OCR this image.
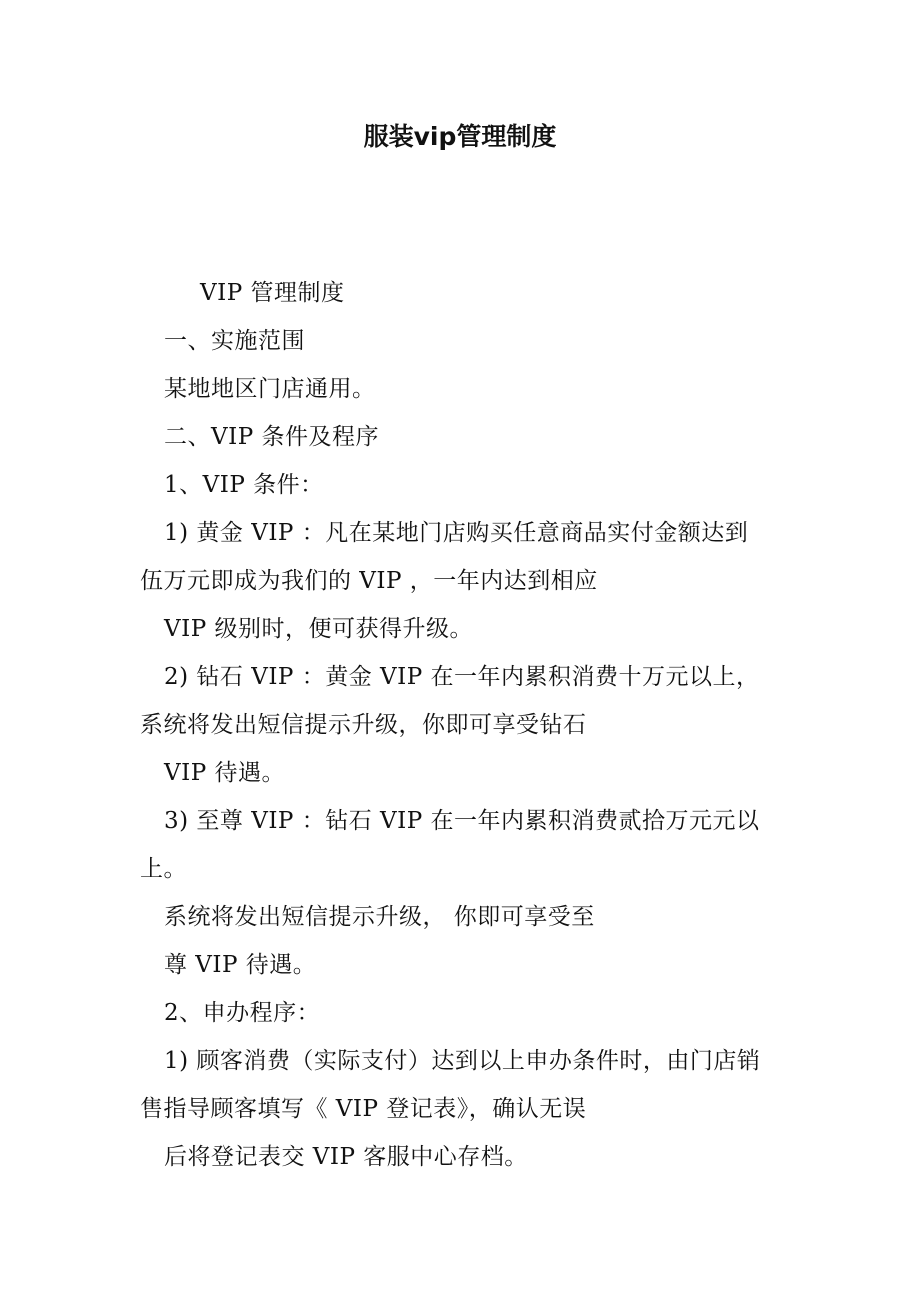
服装vip管理制度
VIP 管理制度
一、实施范围
某地地区门店通用。
二、VIP 条件及程序
1、VIP 条件：
1) 黄金 VIP ：凡在某地门店购买任意商品实付金额达到
伍万元即成为我们的 VIP ，一年内达到相应
VIP 级别时，便可获得升级。
2) 钻石 VIP ：黄金 VIP 在一年内累积消费十万元以上，
系统将发出短信提示升级，你即可享受钻石
VIP 待遇。
3) 至尊 VIP ：钻石 VIP 在一年内累积消费贰拾万元元以
上。
系统将发出短信提示升级， 你即可享受至
尊 VIP 待遇。
2、申办程序：
1) 顾客消费（实际支付）达到以上申办条件时，由门店销
售指导顾客填写《 VIP 登记表》，确认无误
后将登记表交 VIP 客服中心存档。
